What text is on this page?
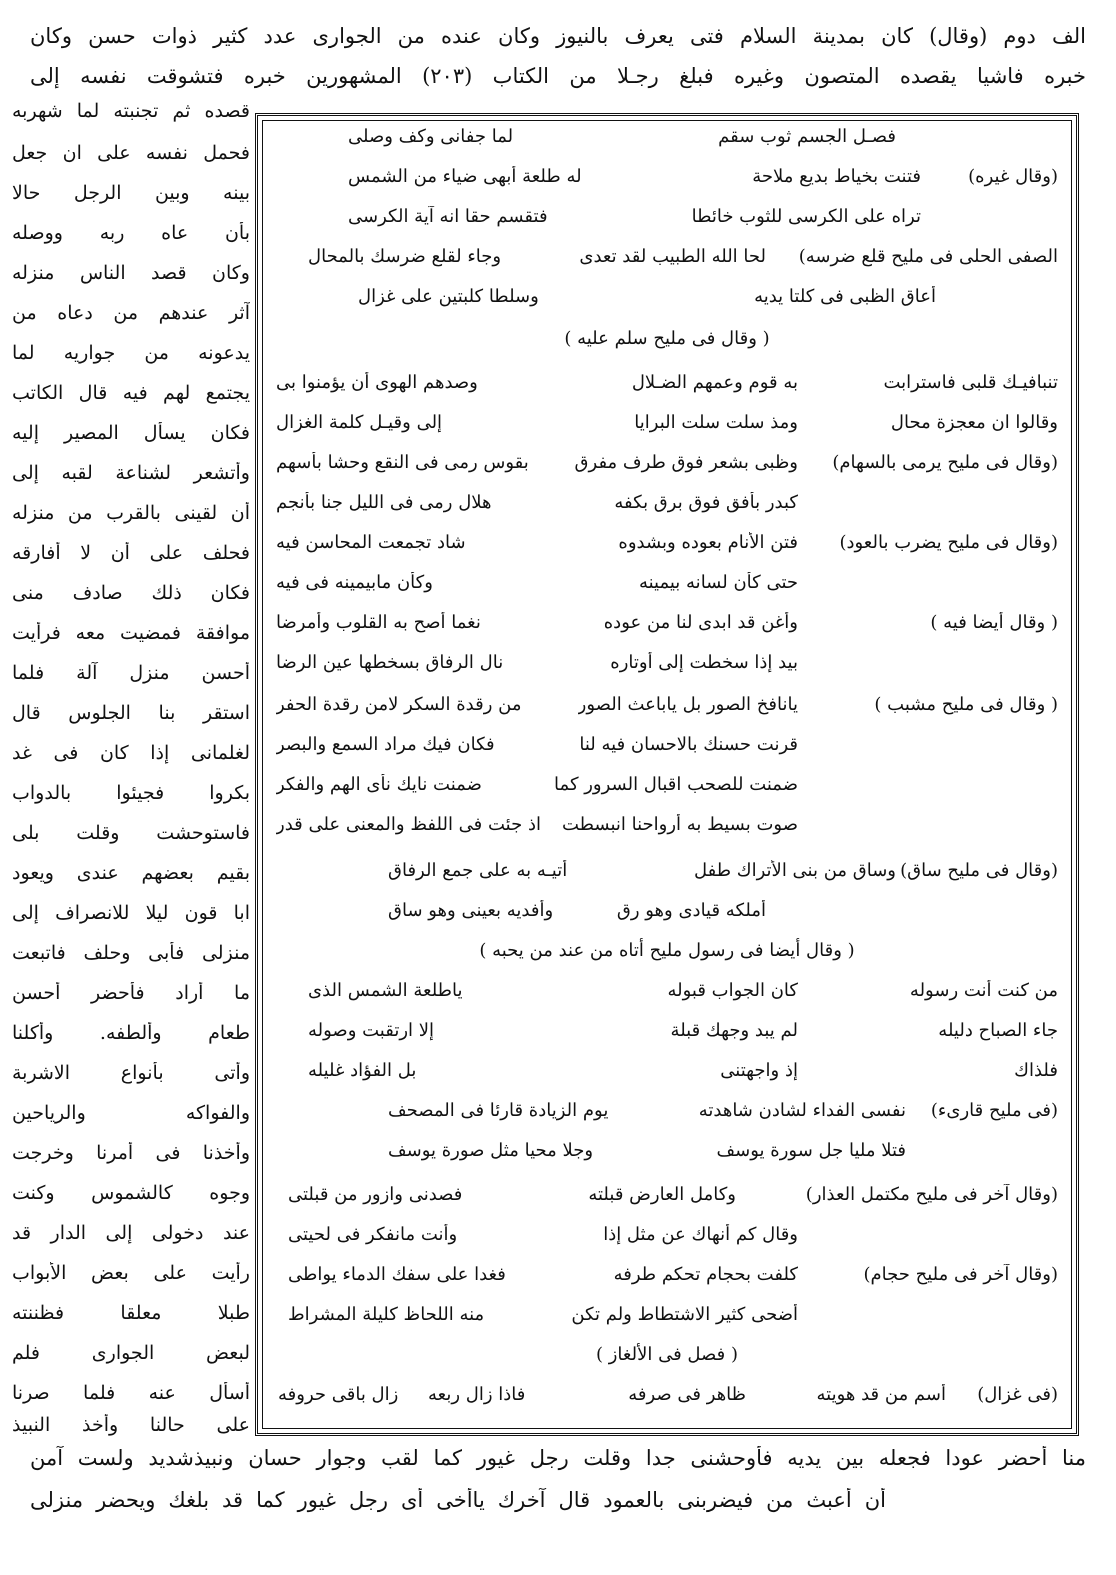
الف دوم (وقال) كان بمدينة السلام فتى يعرف بالنيوز وكان عنده من الجوارى عدد كثير ذوات حسن وكان
خبره فاشيا يقصده المتصون وغيره فبلغ رجـلا من الكتاب (٢٠٣) المشهورين خبره فتشوقت نفسه إلى
قصده ثم تجنبته لما شهربه
فحمل نفسه على ان جعل
بينه وبين الرجل حالا
بأن عاه ربه ووصله
وكان قصد الناس منزله
آثر عندهم من دعاه من
يدعونه من جواريه لما
يجتمع لهم فيه قال الكاتب
فكان يسأل المصير إليه
وأتشعر لشناعة لقبه إلى
أن لقينى بالقرب من منزله
فحلف على أن لا أفارقه
فكان ذلك صادف منى
موافقة فمضيت معه فرأيت
أحسن منزل آلة فلما
استقر بنا الجلوس قال
لغلمانى إذا كان فى غد
بكروا فجيئوا بالدواب
فاستوحشت وقلت بلى
بقيم بعضهم عندى ويعود
ابا قون ليلا للانصراف إلى
منزلى فأبى وحلف فاتبعت
ما أراد فأحضر أحسن
طعام وألطفه. وأكلنا
وأتى بأنواع الاشربة
والفواكه والرياحين
وأخذنا فى أمرنا وخرجت
وجوه كالشموس وكنت
عند دخولى إلى الدار قد
رأيت على بعض الأبواب
طبلا معلقا فظننته
لبعض الجوارى فلم
أسأل عنه فلما صرنا
على حالنا وأخذ النبيذ
فصـل الجسم ثوب سقم
لما جفانى وكف وصلى
(وقال غيره)
فتنت بخياط بديع ملاحة
له طلعة أبهى ضياء من الشمس
تراه على الكرسى للثوب خائطا
فتقسم حقا انه آية الكرسى
الصفى الحلى فى مليح قلع ضرسه)
لحا الله الطبيب لقد تعدى
وجاء لقلع ضرسك بالمحال
أعاق الظبى فى كلتا يديه
وسلطا كلبتين على غزال
( وقال فى مليح سلم عليه )
تنبافيـك قلبى فاسترابت
به قوم وعمهم الضـلال
وصدهم الهوى أن يؤمنوا بى
وقالوا ان معجزة محال
ومذ سلت سلت البرايا
إلى وقيـل كلمة الغزال
(وقال فى مليح يرمى بالسهام)
وظبى بشعر فوق طرف مفرق
بقوس رمى فى النقع وحشا بأسهم
كبدر بأفق فوق برق بكفه
هلال رمى فى الليل جنا بأنجم
(وقال فى مليح يضرب بالعود)
فتن الأنام بعوده وبشدوه
شاد تجمعت المحاسن فيه
حتى كأن لسانه بيمينه
وكأن مابيمينه فى فيه
( وقال أيضا فيه )
وأغن قد ابدى لنا من عوده
نغما أصح به القلوب وأمرضا
بيد إذا سخطت إلى أوتاره
نال الرفاق بسخطها عين الرضا
( وقال فى مليح مشبب )
يانافخ الصور بل ياباعث الصور
من رقدة السكر لامن رقدة الحفر
قرنت حسنك بالاحسان فيه لنا
فكان فيك مراد السمع والبصر
ضمنت للصحب اقبال السرور كما
ضمنت نايك نأى الهم والفكر
صوت بسيط به أرواحنا انبسطت
اذ جئت فى اللفظ والمعنى على قدر
(وقال فى مليح ساق)
وساق من بنى الأتراك طفل
أتيـه به على جمع الرفاق
أملكه قيادى وهو رق
وأفديه بعينى وهو ساق
( وقال أيضا فى رسول مليح أتاه من عند من يحبه )
من كنت أنت رسوله
كان الجواب قبوله
ياطلعة الشمس الذى
جاء الصباح دليله
لم يبد وجهك قبلة
إلا ارتقبت وصوله
فلذاك
إذ واجهتنى
بل الفؤاد غليله
(فى مليح قارىء)
نفسى الفداء لشادن شاهدته
يوم الزيادة قارئا فى المصحف
فتلا مليا جل سورة يوسف
وجلا محيا مثل صورة يوسف
(وقال آخر فى مليح مكتمل العذار)
وكامل العارض قبلته
فصدنى وازور من قبلتى
وقال كم أنهاك عن مثل إذا
وأنت مانفكر فى لحيتى
(وقال آخر فى مليح حجام)
كلفت بحجام تحكم طرفه
فغدا على سفك الدماء يواطى
أضحى كثير الاشتطاط ولم تكن
منه اللحاظ كليلة المشراط
( فصل فى الألغاز )
(فى غزال)
أسم من قد هويته
ظاهر فى صرفه
فاذا زال ربعه
زال باقى حروفه
منا أحضر عودا فجعله بين يديه فأوحشنى جدا وقلت رجل غيور كما لقب وجوار حسان ونبيذشديد ولست آمن
أن أعبث من فيضربنى بالعمود قال آخرك ياأخى أى رجل غيور كما قد بلغك ويحضر منزلى
